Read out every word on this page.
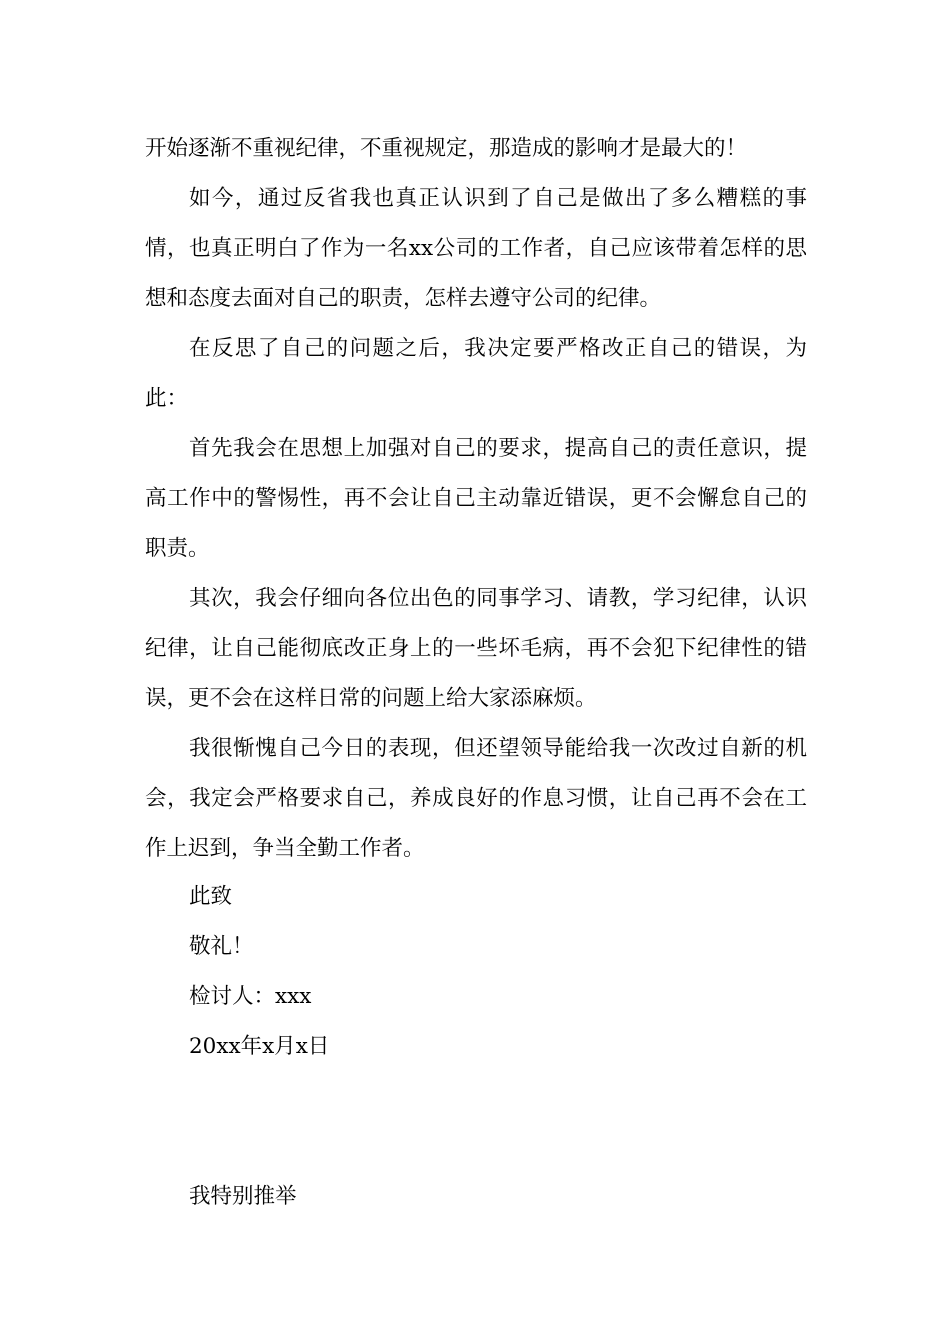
开始逐渐不重视纪律，不重视规定，那造成的影响才是最大的！

如今，通过反省我也真正认识到了自己是做出了多么糟糕的事情，也真正明白了作为一名xx公司的工作者，自己应该带着怎样的思想和态度去面对自己的职责，怎样去遵守公司的纪律。

在反思了自己的问题之后，我决定要严格改正自己的错误，为此：

首先我会在思想上加强对自己的要求，提高自己的责任意识，提高工作中的警惕性，再不会让自己主动靠近错误，更不会懈怠自己的职责。

其次，我会仔细向各位出色的同事学习、请教，学习纪律，认识纪律，让自己能彻底改正身上的一些坏毛病，再不会犯下纪律性的错误，更不会在这样日常的问题上给大家添麻烦。

我很惭愧自己今日的表现，但还望领导能给我一次改过自新的机会，我定会严格要求自己，养成良好的作息习惯，让自己再不会在工作上迟到，争当全勤工作者。

此致
敬礼！
检讨人：xxx
20xx年x月x日
我特别推举
